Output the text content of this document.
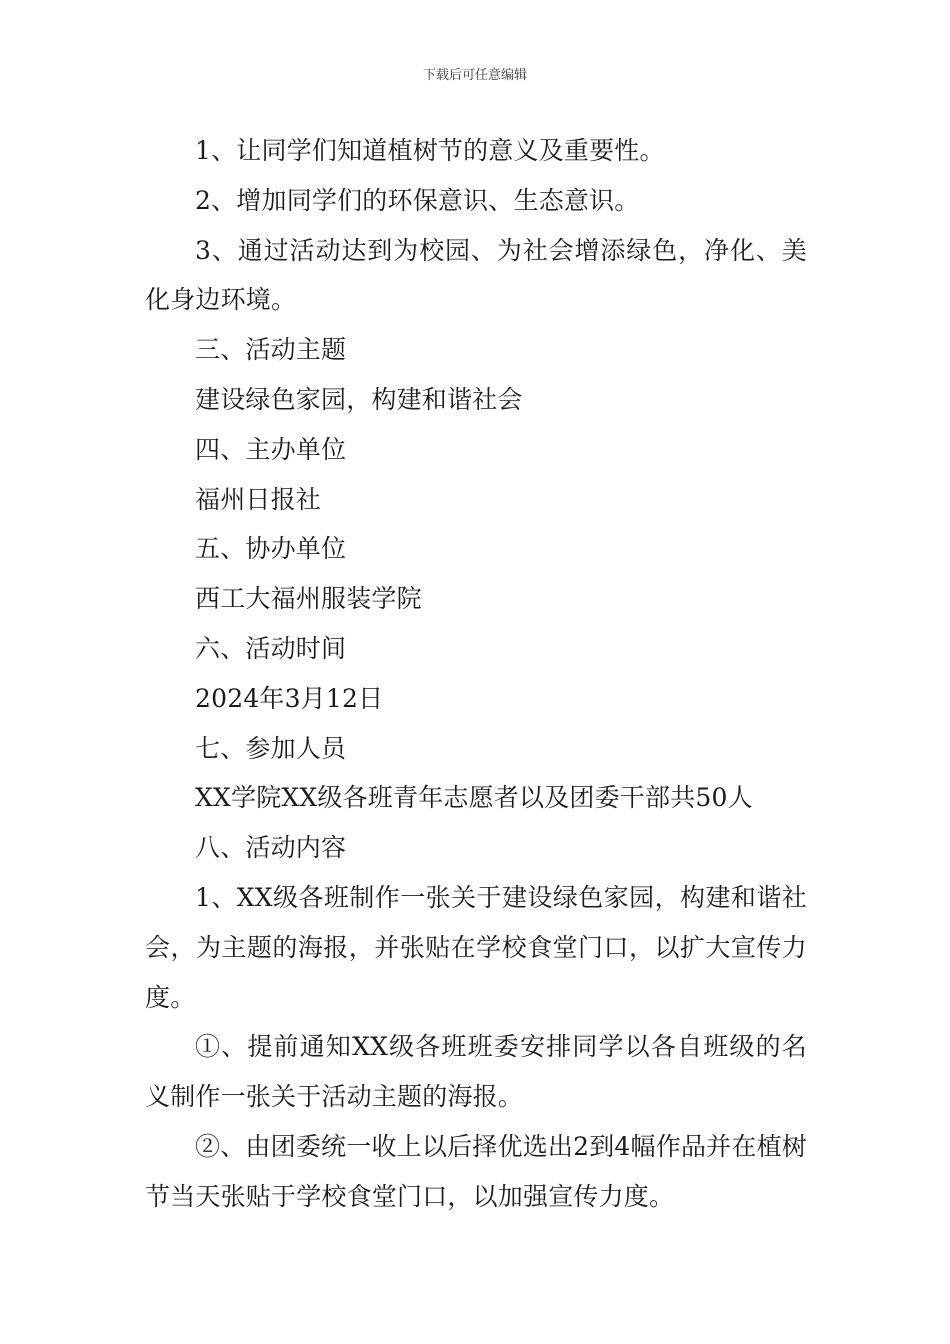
下载后可任意编辑

1、让同学们知道植树节的意义及重要性。

2、增加同学们的环保意识、生态意识。

3、通过活动达到为校园、为社会增添绿色，净化、美化身边环境。

三、活动主题

建设绿色家园，构建和谐社会

四、主办单位

福州日报社

五、协办单位

西工大福州服装学院

六、活动时间

2024年3月12日

七、参加人员

XX学院XX级各班青年志愿者以及团委干部共50人

八、活动内容

1、XX级各班制作一张关于建设绿色家园，构建和谐社会，为主题的海报，并张贴在学校食堂门口，以扩大宣传力度。

①、提前通知XX级各班班委安排同学以各自班级的名义制作一张关于活动主题的海报。

②、由团委统一收上以后择优选出2到4幅作品并在植树节当天张贴于学校食堂门口，以加强宣传力度。
